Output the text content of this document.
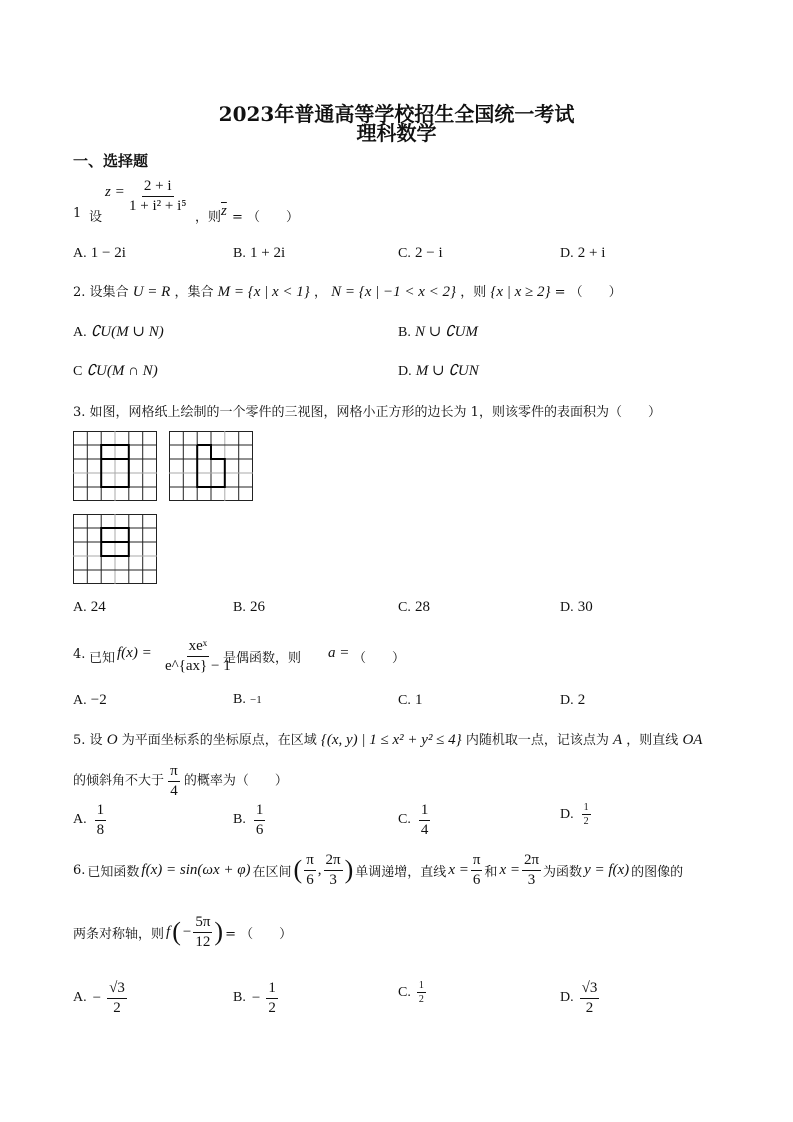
2023年普通高等学校招生全国统一考试
理科数学
一、选择题
1 设
$z = \frac{2 + i}{\text{1 + i² + i⁵}}$
，则 $\overline{z}$ = （　　）
A. 1 − 2i	B. 1 + 2i	C. 2 − i	D. 2 + i
2. 设集合 U = R ，集合 M = {x | x < 1} ， N = {x | −1 < x < 2} ，则 {x | x ≥ 2} = （　　）
A. ∁U(M ∪ N)	B. N ∪ ∁UM
C ∁U(M ∩ N)	D. M ∪ ∁UN
3. 如图，网格纸上绘制的一个零件的三视图，网格小正方形的边长为 1，则该零件的表面积为（　　）
A. 24	B. 26	C. 28	D. 30
4. 已知 f(x) = xeˣ
e^{ax} − 1
是偶函数，则 a = （　　）
A. −2	B. −1	C. 1	D. 2
5. 设 O 为平面坐标系的坐标原点，在区域 {(x, y) | 1 ≤ x² + y² ≤ 4} 内随机取一点，记该点为 A ，则直线 OA
的倾斜角不大于 $\frac{\pi}{4}$ 的概率为（　　）
A. $\frac{1}{8}$	B. $\frac{1}{6}$	C. $\frac{1}{4}$	D. $\frac{1}{2}$
6. 已知函数 f(x) = sin(ωx + φ) 在区间 ( $\frac{\pi}{6}$ , $\frac{2\pi}{3}$ ) 单调递增，直线 $x = \frac{\pi}{6}$ 和 $x = \frac{2\pi}{3}$ 为函数 y = f(x) 的图像的
两条对称轴，则 f ( − $\frac{5\pi}{12}$ ) = （　　）
A. − $\frac{√3}{2}$	B. − $\frac{1}{2}$	C. $\frac{1}{2}$	D. $\frac{√3}{2}$
